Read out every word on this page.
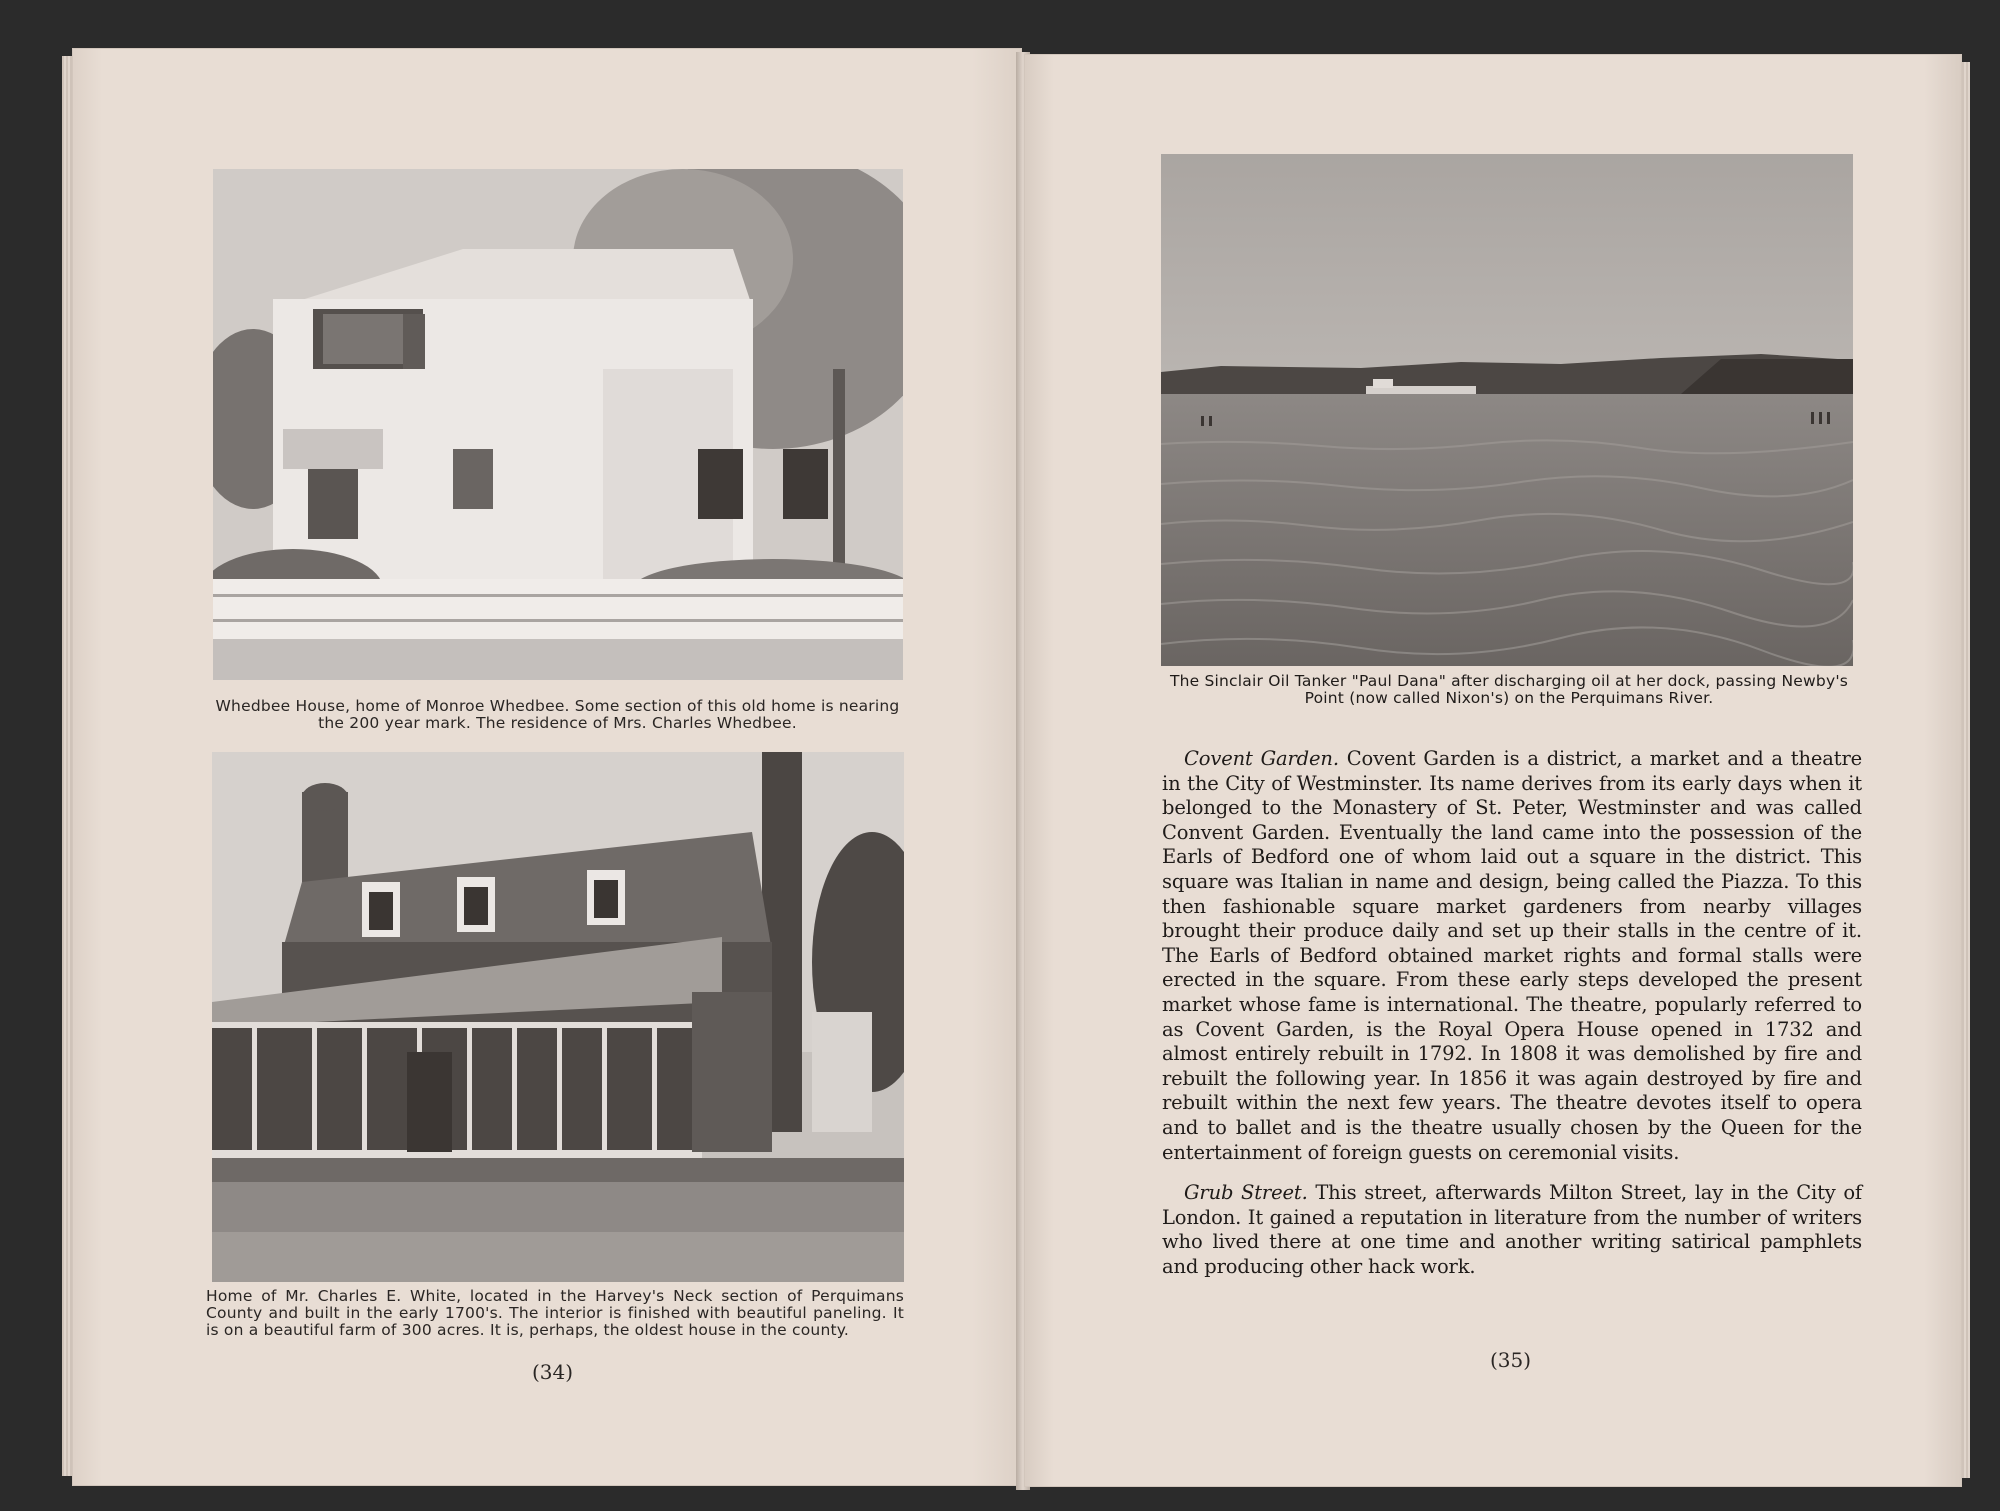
Whedbee House, home of Monroe Whedbee. Some section of this old home is nearing the 200 year mark. The residence of Mrs. Charles Whedbee.

Home of Mr. Charles E. White, located in the Harvey's Neck section of Perquimans County and built in the early 1700's. The interior is finished with beautiful paneling. It is on a beautiful farm of 300 acres. It is, perhaps, the oldest house in the county.

(34)

The Sinclair Oil Tanker "Paul Dana" after discharging oil at her dock, passing Newby's Point (now called Nixon's) on the Perquimans River.

Covent Garden. Covent Garden is a district, a market and a theatre in the City of Westminster. Its name derives from its early days when it belonged to the Monastery of St. Peter, Westminster and was called Convent Garden. Eventually the land came into the possession of the Earls of Bedford one of whom laid out a square in the district. This square was Italian in name and design, being called the Piazza. To this then fashionable square market gardeners from nearby villages brought their produce daily and set up their stalls in the centre of it. The Earls of Bedford obtained market rights and formal stalls were erected in the square. From these early steps developed the present market whose fame is international. The theatre, popularly referred to as Covent Garden, is the Royal Opera House opened in 1732 and almost entirely rebuilt in 1792. In 1808 it was demolished by fire and rebuilt the following year. In 1856 it was again destroyed by fire and rebuilt within the next few years. The theatre devotes itself to opera and to ballet and is the theatre usually chosen by the Queen for the entertainment of foreign guests on ceremonial visits.

Grub Street. This street, afterwards Milton Street, lay in the City of London. It gained a reputation in literature from the number of writers who lived there at one time and another writing satirical pamphlets and producing other hack work.

(35)
